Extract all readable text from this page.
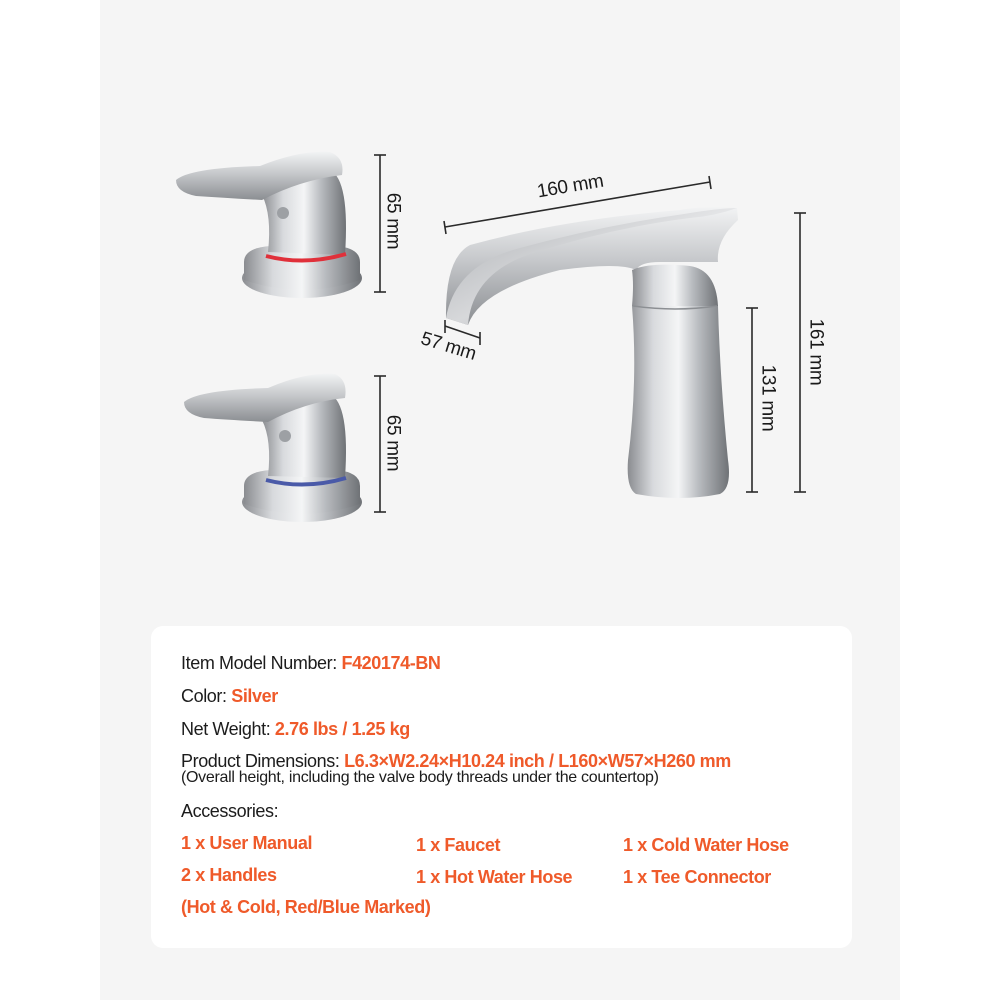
65 mm
65 mm
160 mm
57 mm
131 mm
161 mm
Item Model Number: F420174-BN
Color: Silver
Net Weight: 2.76 lbs / 1.25 kg
Product Dimensions: L6.3×W2.24×H10.24 inch / L160×W57×H260 mm
(Overall height, including the valve body threads under the countertop)
Accessories:
1 x User Manual	1 x Faucet	1 x Cold Water Hose
2 x Handles	1 x Hot Water Hose	1 x Tee Connector
(Hot & Cold, Red/Blue Marked)
